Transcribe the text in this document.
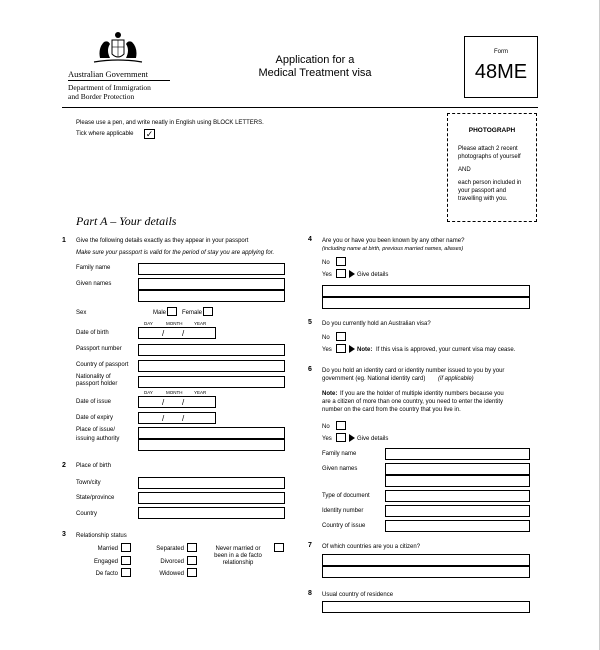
Australian Government
Department of Immigration
and Border Protection
Application for a
Medical Treatment visa
Form
48ME
Please use a pen, and write neatly in English using BLOCK LETTERS.
Tick where applicable ✓	PHOTOGRAPH
Please attach 2 recent
photographs of yourself
AND
each person included in
your passport and
travelling with you.
Part A – Your details
1 Give the following details exactly as they appear in your passport
Make sure your passport is valid for the period of stay you are applying for.
Family name
Given names
Sex	Male	Female
DAY	MONTH	YEAR
Date of birth	/ /
Passport number
Country of passport
Nationality of
passport holder
DAY	MONTH	YEAR
Date of issue	/ /
Date of expiry	/ /
Place of issue/
issuing authority
2 Place of birth
Town/city
State/province
Country
3 Relationship status
Married
Engaged
De facto
Separated
Divorced
Widowed
Never married or
been in a de facto
relationship
4 Are you or have you been known by any other name?
(including name at birth, previous married names, aliases)
No
Yes	Give details
5 Do you currently hold an Australian visa?
No
Yes	Note: If this visa is approved, your current visa may cease.
6 Do you hold an identity card or identity number issued to you by your
government (eg. National identity card) (if applicable)
Note: If you are the holder of multiple identity numbers because you
are a citizen of more than one country, you need to enter the identity
number on the card from the country that you live in.
No
Yes	Give details
Family name
Given names
Type of document
Identity number
Country of issue
7 Of which countries are you a citizen?
8 Usual country of residence
